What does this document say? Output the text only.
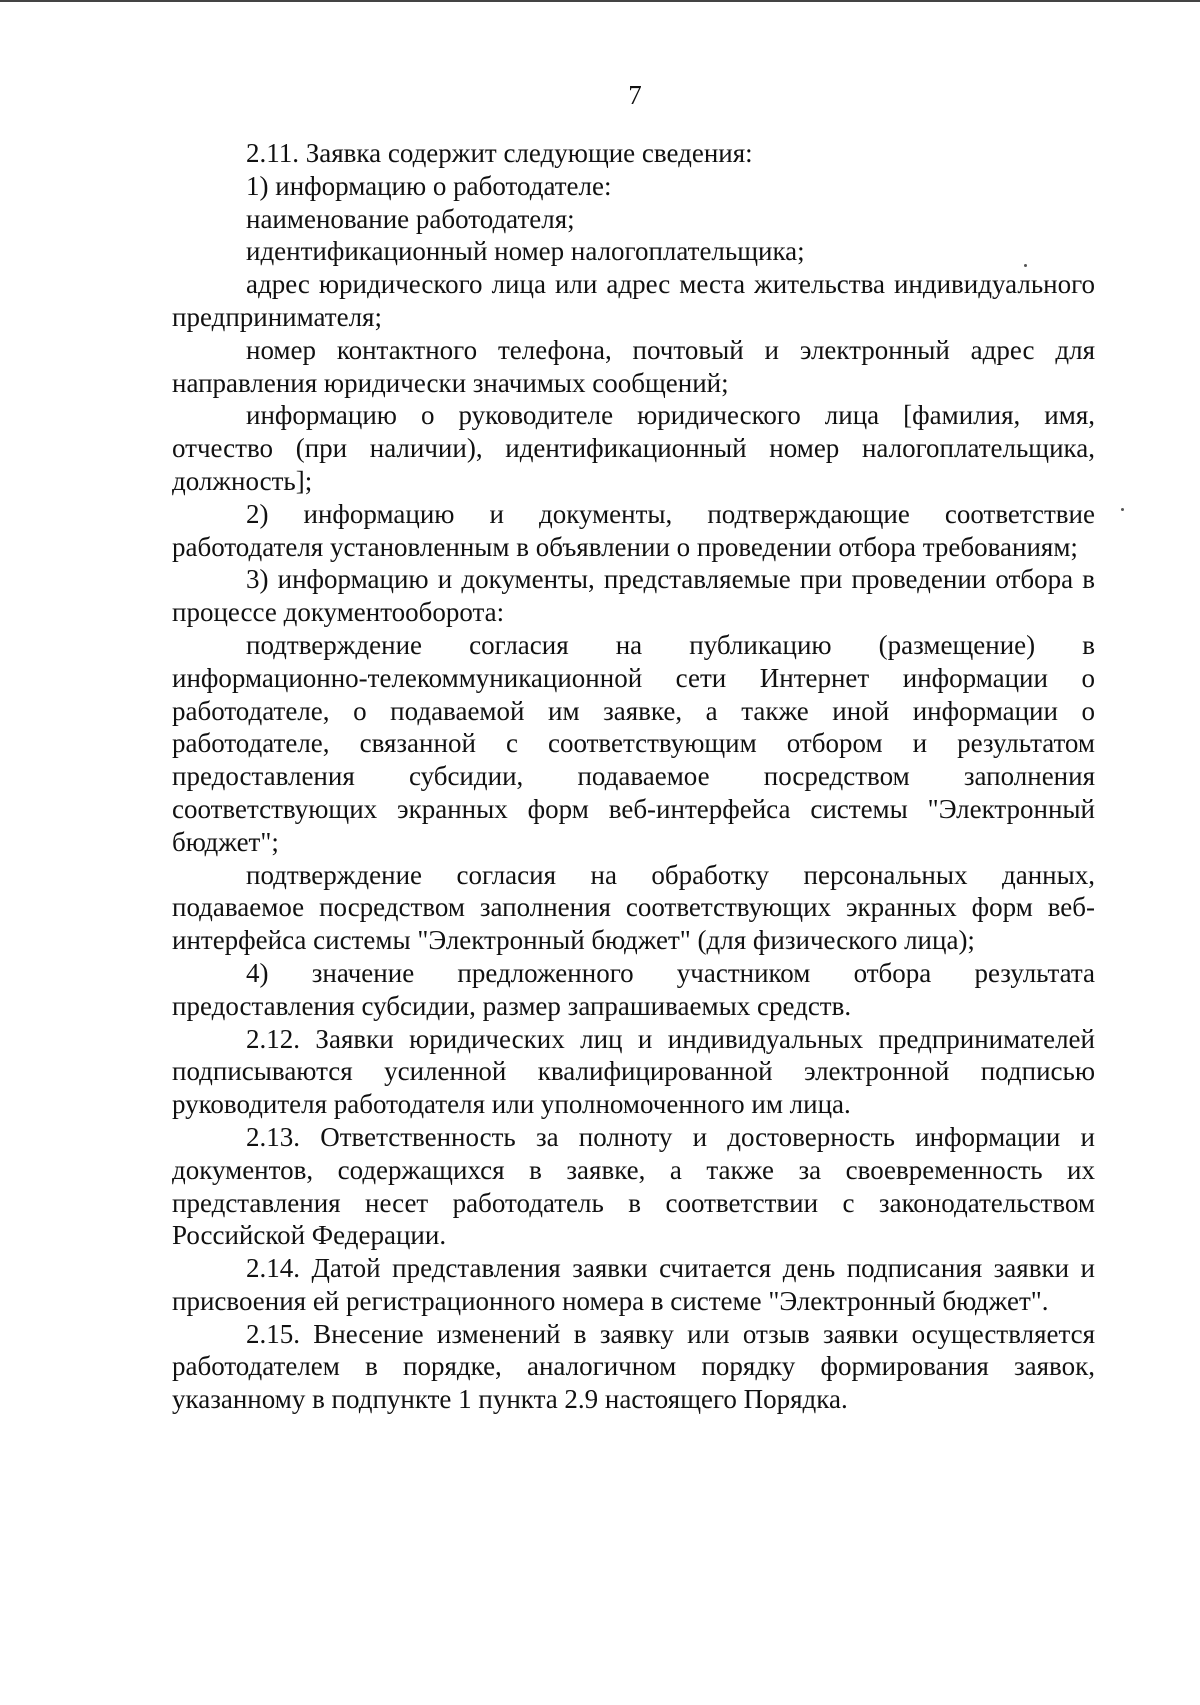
7

2.11. Заявка содержит следующие сведения:

1) информацию о работодателе:

наименование работодателя;

идентификационный номер налогоплательщика;

адрес юридического лица или адрес места жительства индивидуального предпринимателя;

номер контактного телефона, почтовый и электронный адрес для направления юридически значимых сообщений;

информацию о руководителе юридического лица [фамилия, имя, отчество (при наличии), идентификационный номер налогоплательщика, должность];

2) информацию и документы, подтверждающие соответствие работодателя установленным в объявлении о проведении отбора требованиям;

3) информацию и документы, представляемые при проведении отбора в процессе документооборота:

подтверждение согласия на публикацию (размещение) в информационно-телекоммуникационной сети Интернет информации о работодателе, о подаваемой им заявке, а также иной информации о работодателе, связанной с соответствующим отбором и результатом предоставления субсидии, подаваемое посредством заполнения соответствующих экранных форм веб-интерфейса системы "Электронный бюджет";

подтверждение согласия на обработку персональных данных, подаваемое посредством заполнения соответствующих экранных форм веб-интерфейса системы "Электронный бюджет" (для физического лица);

4) значение предложенного участником отбора результата предоставления субсидии, размер запрашиваемых средств.

2.12. Заявки юридических лиц и индивидуальных предпринимателей подписываются усиленной квалифицированной электронной подписью руководителя работодателя или уполномоченного им лица.

2.13. Ответственность за полноту и достоверность информации и документов, содержащихся в заявке, а также за своевременность их представления несет работодатель в соответствии с законодательством Российской Федерации.

2.14. Датой представления заявки считается день подписания заявки и присвоения ей регистрационного номера в системе "Электронный бюджет".

2.15. Внесение изменений в заявку или отзыв заявки осуществляется работодателем в порядке, аналогичном порядку формирования заявок, указанному в подпункте 1 пункта 2.9 настоящего Порядка.
